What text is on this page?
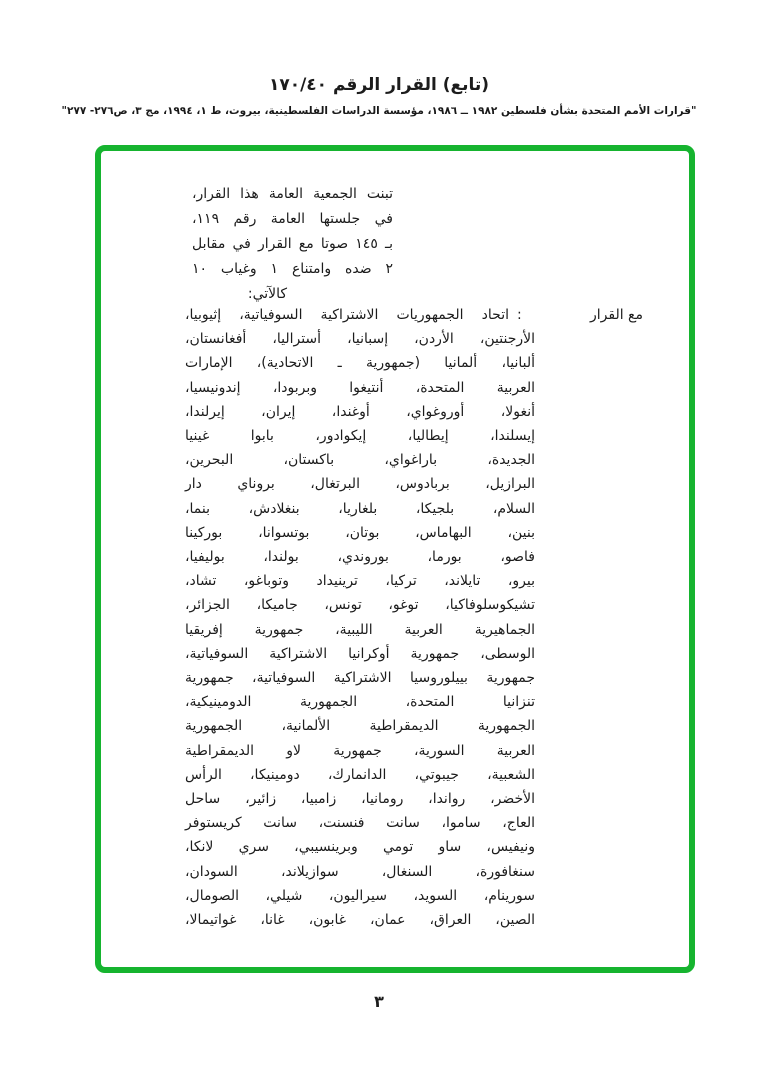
(تابع) القرار الرقم ١٧٠/٤٠
"قرارات الأمم المتحدة بشأن فلسطين ١٩٨٢ ــ ١٩٨٦، مؤسسة الدراسات الفلسطينية، بيروت، ط ١، ١٩٩٤، مج ٣، ص٢٧٦- ٢٧٧"
تبنت الجمعية العامة هذا القرار،
في جلستها العامة رقم ١١٩،
بـ ١٤٥ صوتا مع القرار في مقابل
٢ ضده وامتناع ١ وغياب ١٠
كالآتي:
مع القرار
:
اتحاد الجمهوريات الاشتراكية السوفياتية، إثيوبيا،
الأرجنتين، الأردن، إسبانيا، أستراليا، أفغانستان،
ألبانيا، ألمانيا (جمهورية ـ الاتحادية)، الإمارات
العربية المتحدة، أنتيغوا وبربودا، إندونيسيا،
أنغولا، أوروغواي، أوغندا، إيران، إيرلندا،
إيسلندا، إيطاليا، إيكوادور، بابوا غينيا
الجديدة، باراغواي، باكستان، البحرين،
البرازيل، بربادوس، البرتغال، بروناي دار
السلام، بلجيكا، بلغاريا، بنغلادش، بنما،
بنين، البهاماس، بوتان، بوتسوانا، بوركينا
فاصو، بورما، بوروندي، بولندا، بوليفيا،
بيرو، تايلاند، تركيا، ترينيداد وتوباغو، تشاد،
تشيكوسلوفاكيا، توغو، تونس، جاميكا، الجزائر،
الجماهيرية العربية الليبية، جمهورية إفريقيا
الوسطى، جمهورية أوكرانيا الاشتراكية السوفياتية،
جمهورية بييلوروسيا الاشتراكية السوفياتية، جمهورية
تنزانيا المتحدة، الجمهورية الدومينيكية،
الجمهورية الديمقراطية الألمانية، الجمهورية
العربية السورية، جمهورية لاو الديمقراطية
الشعبية، جيبوتي، الدانمارك، دومينيكا، الرأس
الأخضر، رواندا، رومانيا، زامبيا، زائير، ساحل
العاج، ساموا، سانت فنسنت، سانت كريستوفر
ونيفيس، ساو تومي وبرينسيبي، سري لانكا،
سنغافورة، السنغال، سوازيلاند، السودان،
سورينام، السويد، سيراليون، شيلي، الصومال،
الصين، العراق، عمان، غابون، غانا، غواتيمالا،
٣
